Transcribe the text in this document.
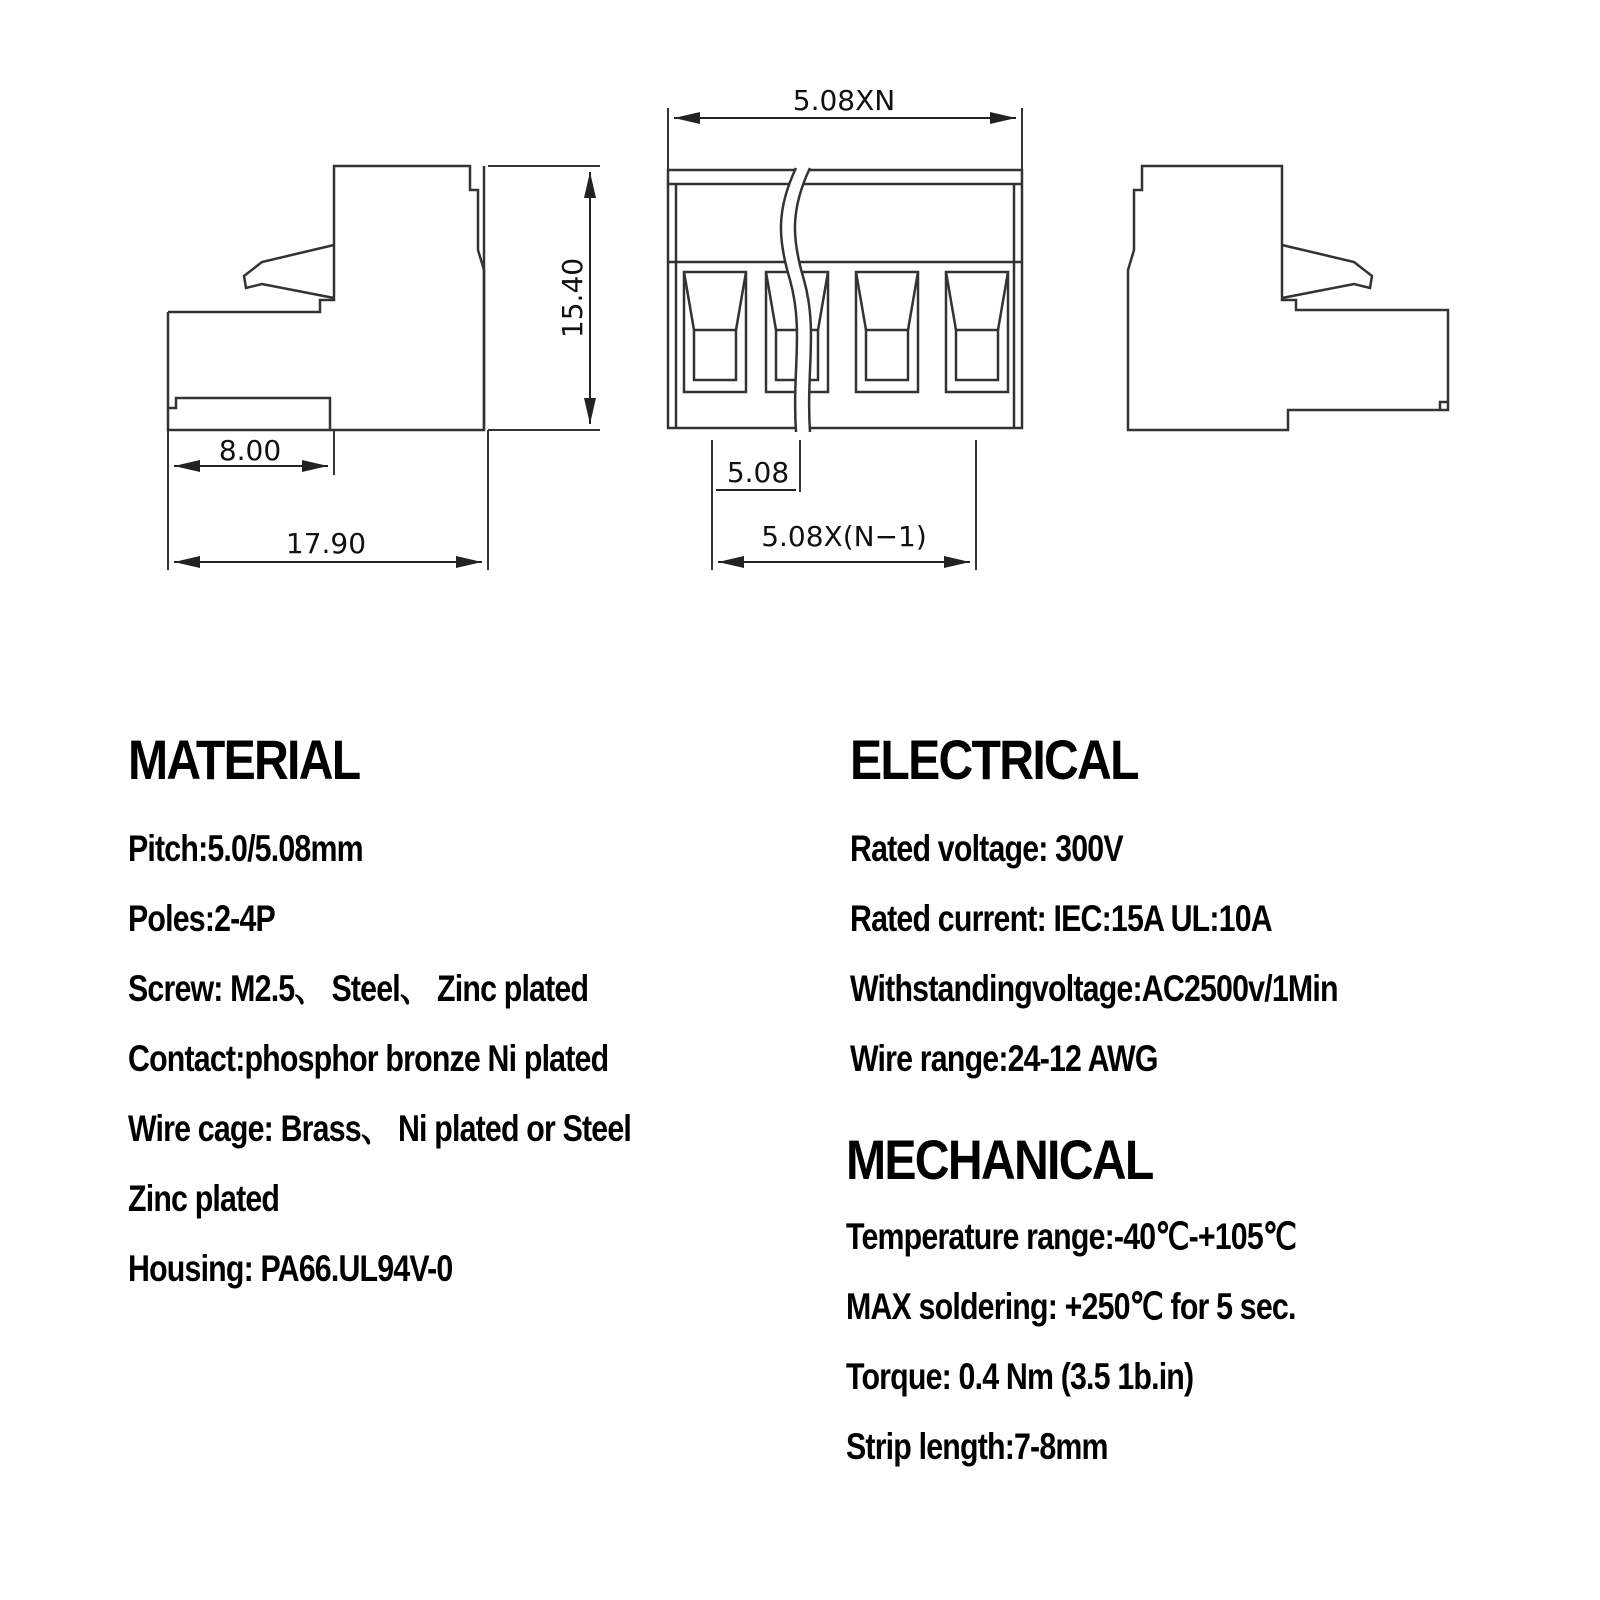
15.40
8.00
17.90
5.08XN
5.08
5.08X(N−1)
MATERIAL
Pitch:5.0/5.08mm
Poles:2-4P
Screw: M2.5、 Steel、 Zinc plated
Contact:phosphor bronze Ni plated
Wire cage: Brass、 Ni plated or Steel
Zinc plated
Housing: PA66.UL94V-0
ELECTRICAL
Rated voltage: 300V
Rated current: IEC:15A UL:10A
Withstandingvoltage:AC2500v/1Min
Wire range:24-12 AWG
MECHANICAL
Temperature range:-40℃-+105℃
MAX soldering: +250℃ for 5 sec.
Torque: 0.4 Nm (3.5 1b.in)
Strip length:7-8mm
